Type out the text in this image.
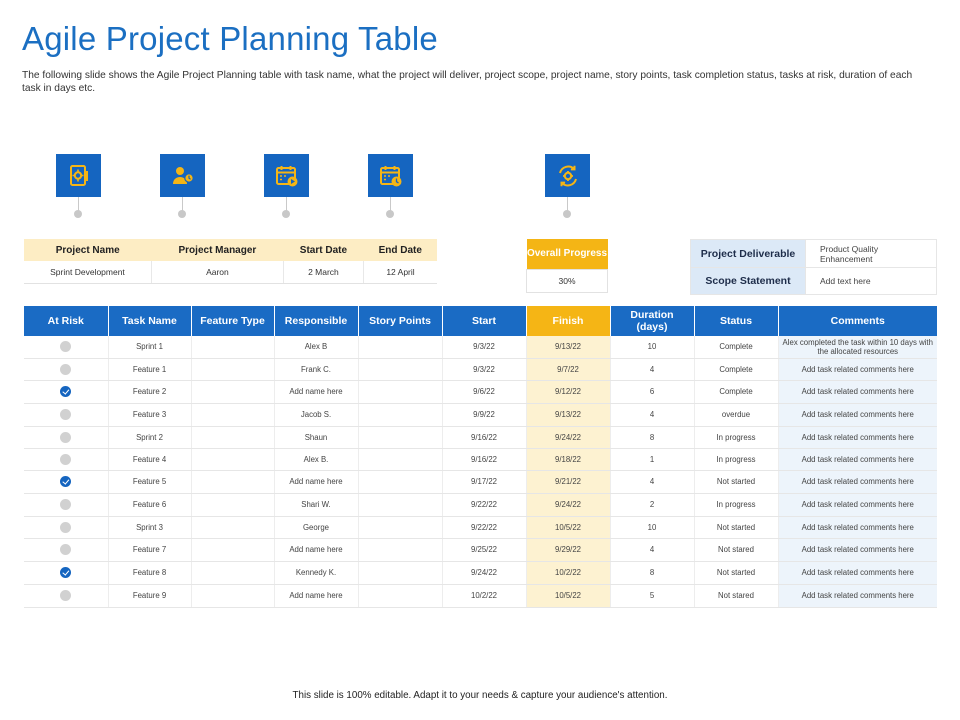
Agile Project Planning Table

The following slide shows the Agile Project Planning table with task name, what the project will deliver, project scope, project name, story points, task completion status, tasks at risk, duration of each task in days etc.

Project Name	Project Manager	Start Date	End Date
Sprint Development	Aaron	2 March	12 April
Overall Progress
30%
Project Deliverable	Product Quality Enhancement
Scope Statement	Add text here
At Risk	Task Name	Feature Type	Responsible	Story Points	Start	Finish	Duration (days)	Status	Comments
	Sprint 1		Alex B		9/3/22	9/13/22	10	Complete	Alex completed the task within 10 days with the allocated resources
	Feature 1		Frank C.		9/3/22	9/7/22	4	Complete	Add task related comments here
	Feature 2		Add name here		9/6/22	9/12/22	6	Complete	Add task related comments here
	Feature 3		Jacob S.		9/9/22	9/13/22	4	overdue	Add task related comments here
	Sprint 2		Shaun		9/16/22	9/24/22	8	In progress	Add task related comments here
	Feature 4		Alex B.		9/16/22	9/18/22	1	In progress	Add task related comments here
	Feature 5		Add name here		9/17/22	9/21/22	4	Not started	Add task related comments here
	Feature 6		Shari W.		9/22/22	9/24/22	2	In progress	Add task related comments here
	Sprint 3		George		9/22/22	10/5/22	10	Not started	Add task related comments here
	Feature 7		Add name here		9/25/22	9/29/22	4	Not stared	Add task related comments here
	Feature 8		Kennedy K.		9/24/22	10/2/22	8	Not started	Add task related comments here
	Feature 9		Add name here		10/2/22	10/5/22	5	Not stared	Add task related comments here
This slide is 100% editable. Adapt it to your needs & capture your audience's attention.
